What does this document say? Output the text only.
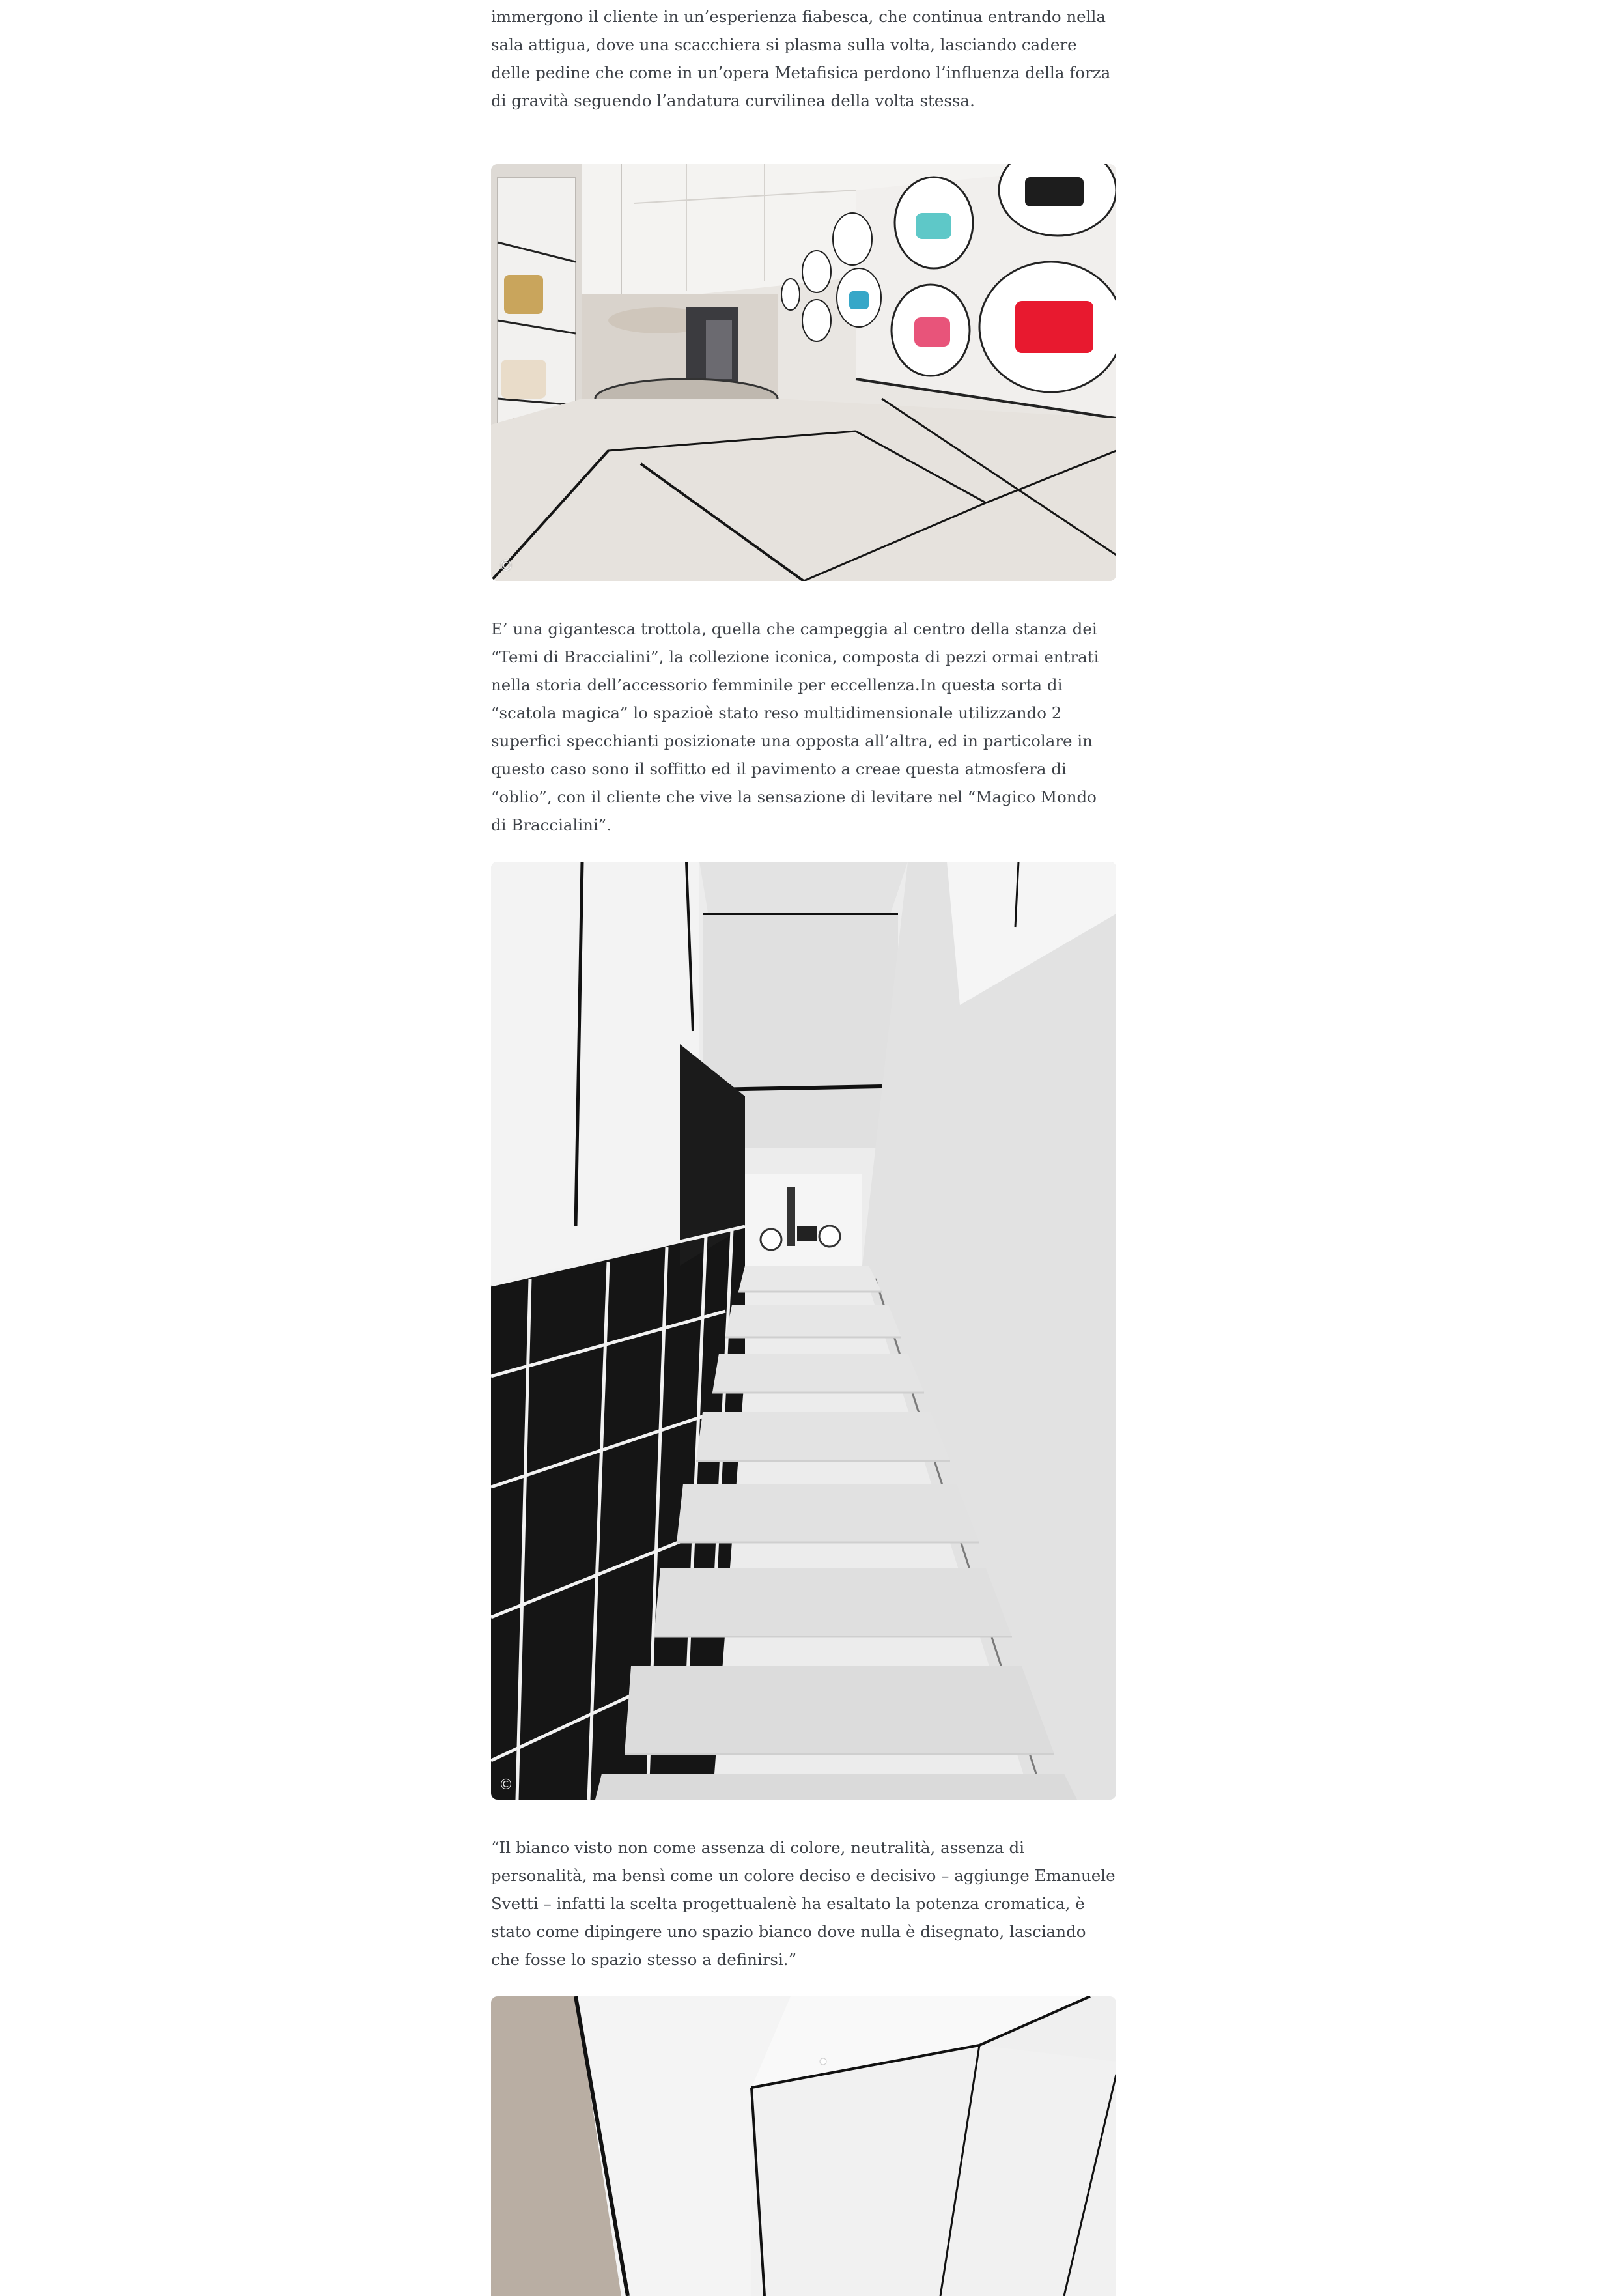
immergono il cliente in un’esperienza fiabesca, che continua entrando nella sala attigua, dove una scacchiera si plasma sulla volta, lasciando cadere delle pedine che come in un’opera Metafisica perdono l’influenza della forza di gravità seguendo l’andatura curvilinea della volta stessa.

©

E’ una gigantesca trottola, quella che campeggia al centro della stanza dei “Temi di Braccialini”, la collezione iconica, composta di pezzi ormai entrati nella storia dell’accessorio femminile per eccellenza.In questa sorta di “scatola magica” lo spazioè stato reso multidimensionale utilizzando 2 superfici specchianti posizionate una opposta all’altra, ed in particolare in questo caso sono il soffitto ed il pavimento a creae questa atmosfera di “oblio”, con il cliente che vive la sensazione di levitare nel “Magico Mondo di Braccialini”.

©

“Il bianco visto non come assenza di colore, neutralità, assenza di personalità, ma bensì come un colore deciso e decisivo – aggiunge Emanuele Svetti – infatti la scelta progettualenè ha esaltato la potenza cromatica, è stato come dipingere uno spazio bianco dove nulla è disegnato, lasciando che fosse lo spazio stesso a definirsi.”
